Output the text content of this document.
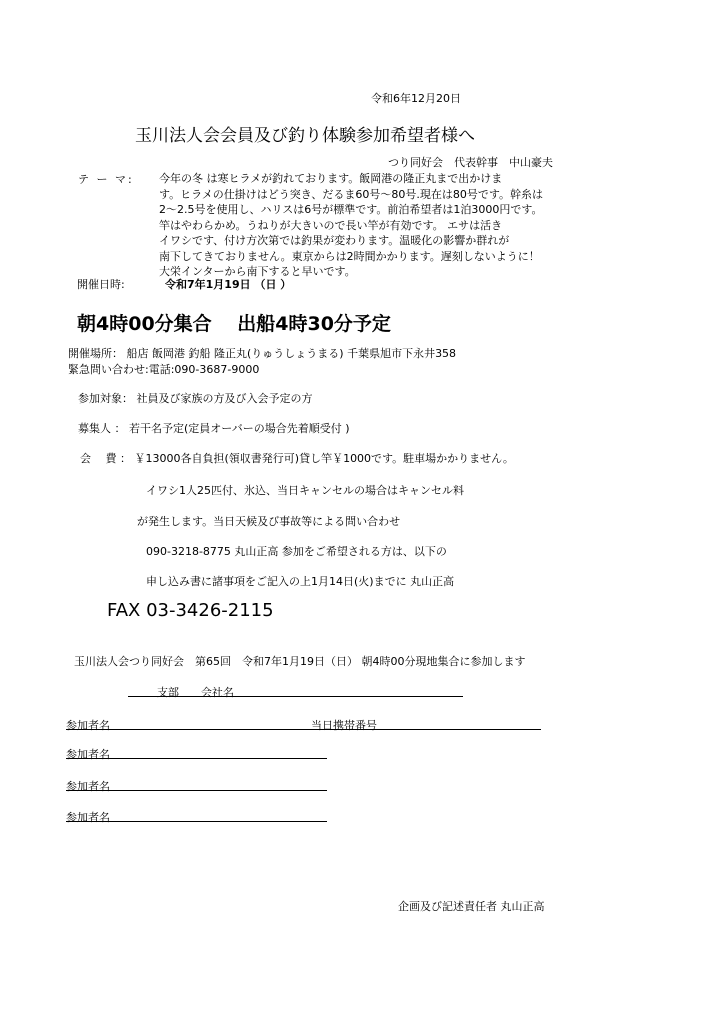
令和6年12月20日
玉川法人会会員及び釣り体験参加希望者様へ
つり同好会　代表幹事　中山豪夫
テ ー マ: 今年の冬 は寒ヒラメが釣れております。飯岡港の隆正丸まで出かけま
す。ヒラメの仕掛けはどう突き、だるま60号～80号.現在は80号です。幹糸は
2～2.5号を使用し、ハリスは6号が標準です。前泊希望者は1泊3000円です。
竿はやわらかめ。うねりが大きいので長い竿が有効です。 エサは活き
イワシです、付け方次第では釣果が変わります。温暖化の影響か群れが
南下してきておりません。東京からは2時間かかります。遅刻しないように！
大栄インターから南下すると早いです。
開催日時:	令和7年1月19日 （日 ）
朝4時00分集合　 出船4時30分予定
開催場所： 船店 飯岡港 釣船 隆正丸(りゅうしょうまる) 千葉県旭市下永井358
緊急問い合わせ:電話:090-3687-9000
参加対象： 社員及び家族の方及び入会予定の方
募集人 ： 若干名予定(定員オーバーの場合先着順受付 )
会　 費 ： ￥13000各自負担(領収書発行可)貸し竿￥1000です。駐車場かかりません。
イワシ1人25匹付、氷込、当日キャンセルの場合はキャンセル料
が発生します。当日天候及び事故等による問い合わせ
090-3218-8775 丸山正高 参加をご希望される方は、以下の
申し込み書に諸事項をご記入の上1月14日(火)までに 丸山正高
FAX 03-3426-2115
玉川法人会つり同好会　第65回　令和7年1月19日（日） 朝4時00分現地集合に参加します
支部　　会社名
参加者名	当日携帯番号
参加者名
参加者名
参加者名
企画及び記述責任者 丸山正高
